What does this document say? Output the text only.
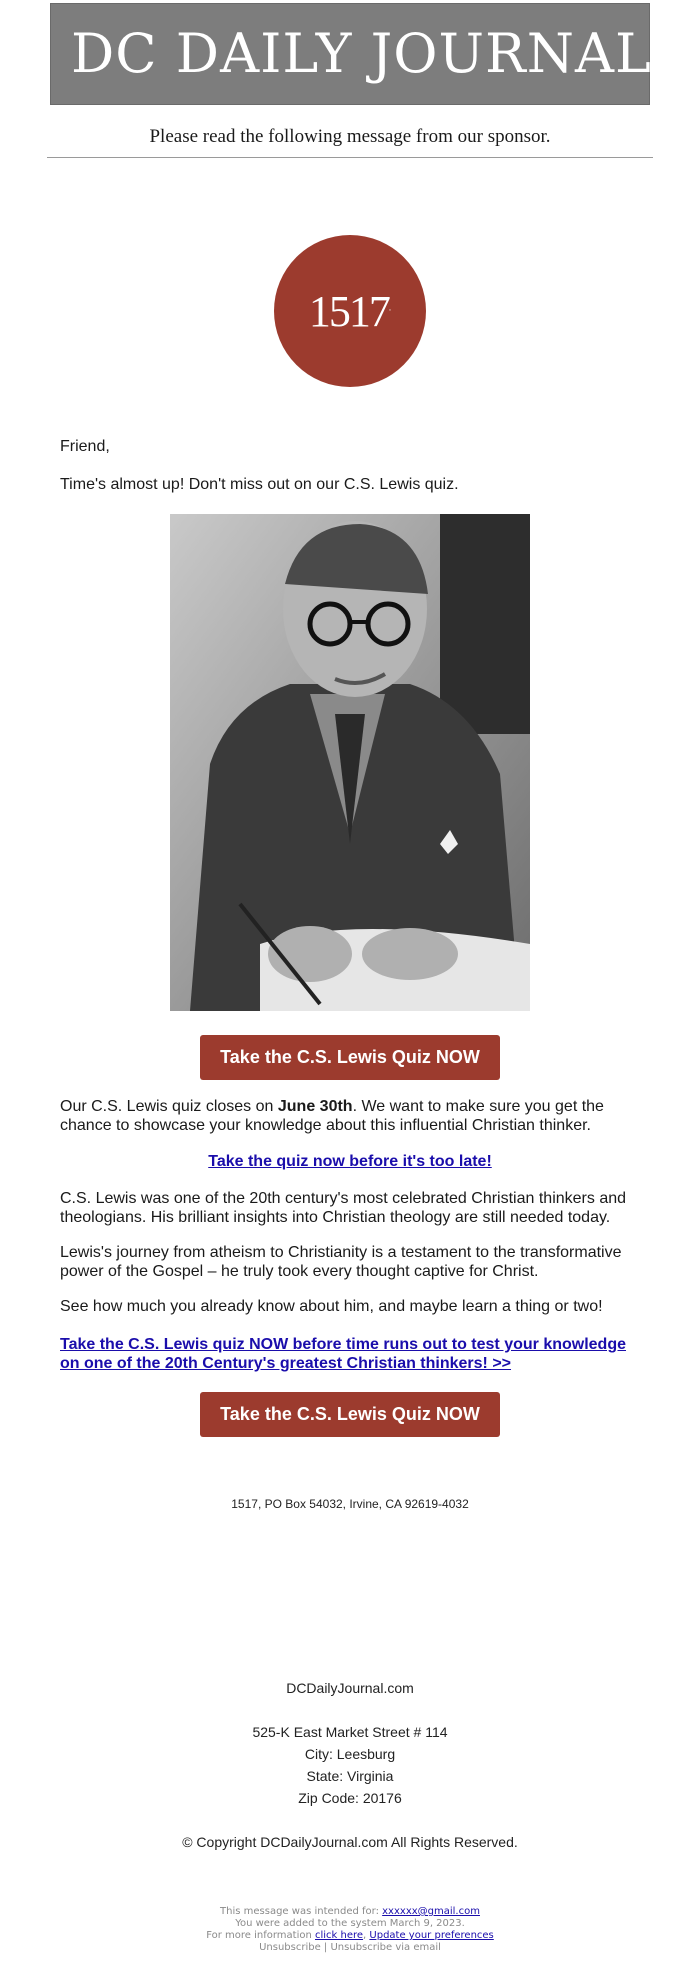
DC DAILY JOURNAL
Please read the following message from our sponsor.
1517.
Friend,
Time's almost up! Don't miss out on our C.S. Lewis quiz.
Take the C.S. Lewis Quiz NOW
Our C.S. Lewis quiz closes on June 30th. We want to make sure you get the chance to showcase your knowledge about this influential Christian thinker.
Take the quiz now before it's too late!
C.S. Lewis was one of the 20th century's most celebrated Christian thinkers and theologians. His brilliant insights into Christian theology are still needed today.
Lewis's journey from atheism to Christianity is a testament to the transformative power of the Gospel – he truly took every thought captive for Christ.
See how much you already know about him, and maybe learn a thing or two!
Take the C.S. Lewis quiz NOW before time runs out to test your knowledge on one of the 20th Century's greatest Christian thinkers! >>
Take the C.S. Lewis Quiz NOW
1517, PO Box 54032, Irvine, CA 92619-4032
DCDailyJournal.com
525-K East Market Street # 114
City: Leesburg
State: Virginia
Zip Code: 20176
© Copyright DCDailyJournal.com All Rights Reserved.
This message was intended for: xxxxxx@gmail.com
You were added to the system March 9, 2023.
For more information click here, Update your preferences
Unsubscribe | Unsubscribe via email
